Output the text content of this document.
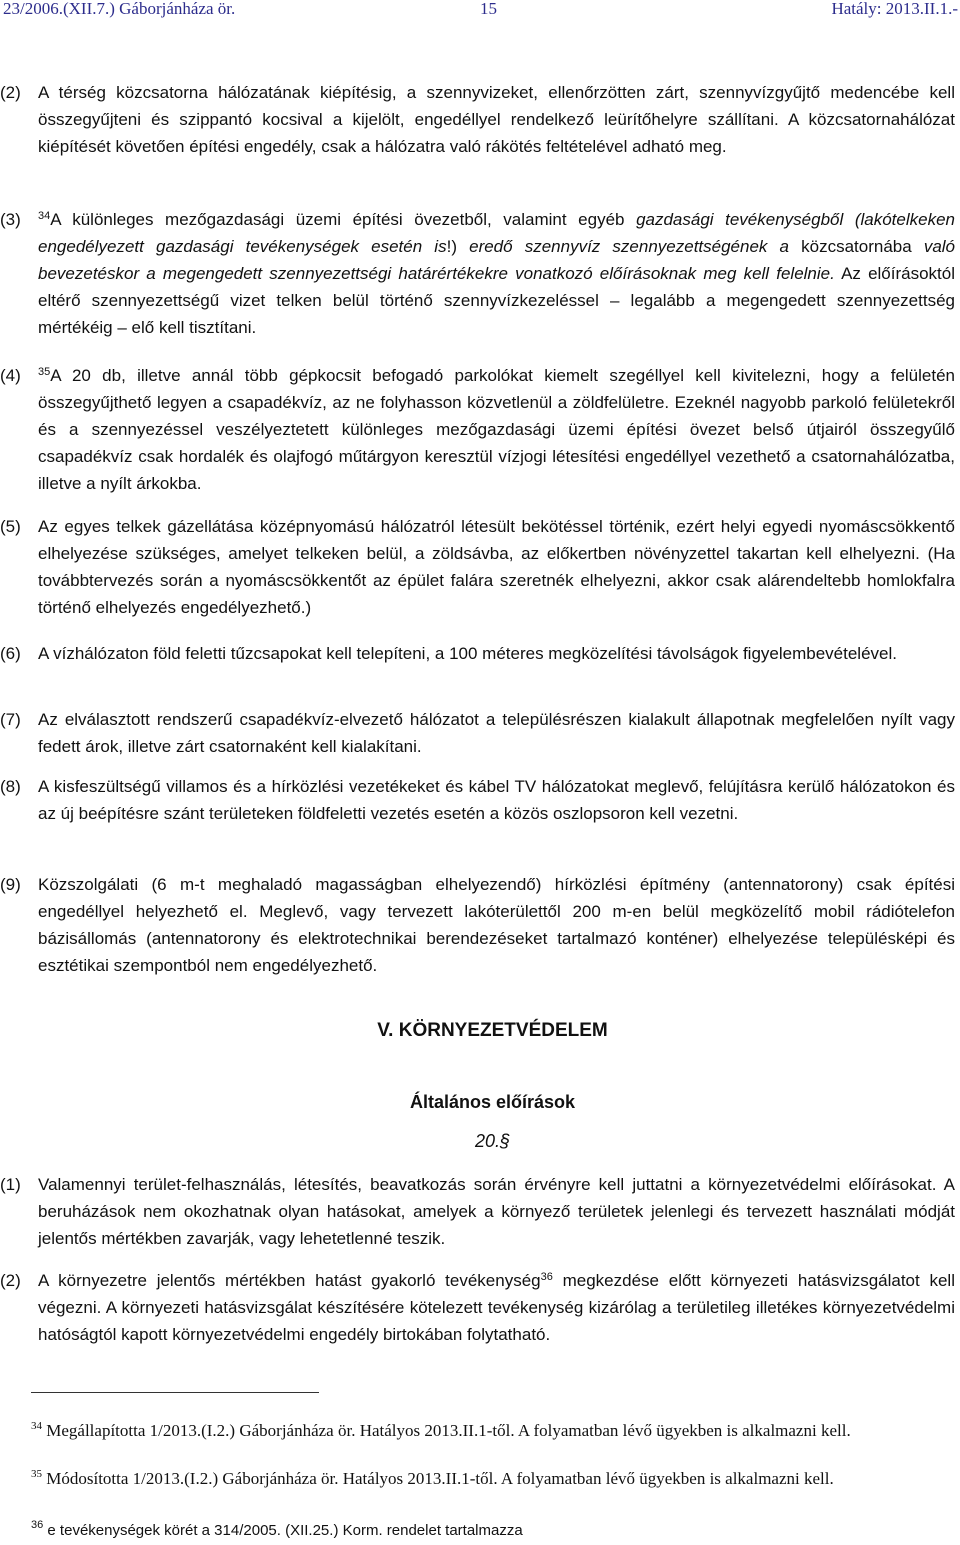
23/2006.(XII.7.) Gáborjánháza ör.	15	Hatály: 2013.II.1.-
(2)	A térség közcsatorna hálózatának kiépítésig, a szennyvizeket, ellenőrzötten zárt, szennyvízgyűjtő medencébe kell összegyűjteni és szippantó kocsival a kijelölt, engedéllyel rendelkező leürítőhelyre szállítani. A közcsatornahálózat kiépítését követően építési engedély, csak a hálózatra való rákötés feltételével adható meg.
(3)	$^{34}$A különleges mezőgazdasági üzemi építési övezetből, valamint egyéb gazdasági tevékenységből (lakótelkeken engedélyezett gazdasági tevékenységek esetén is!) eredő szennyvíz szennyezettségének a közcsatornába való bevezetéskor a megengedett szennyezettségi határértékekre vonatkozó előírásoknak meg kell felelnie. Az előírásoktól eltérő szennyezettségű vizet telken belül történő szennyvízkezeléssel – legalább a megengedett szennyezettség mértékéig – elő kell tisztítani.
(4)	$^{35}$A 20 db, illetve annál több gépkocsit befogadó parkolókat kiemelt szegéllyel kell kivitelezni, hogy a felületén összegyűjthető legyen a csapadékvíz, az ne folyhasson közvetlenül a zöldfelületre. Ezeknél nagyobb parkoló felületekről és a szennyezéssel veszélyeztetett különleges mezőgazdasági üzemi építési övezet belső útjairól összegyűlő csapadékvíz csak hordalék és olajfogó műtárgyon keresztül vízjogi létesítési engedéllyel vezethető a csatornahálózatba, illetve a nyílt árkokba.
(5)	Az egyes telkek gázellátása középnyomású hálózatról létesült bekötéssel történik, ezért helyi egyedi nyomáscsökkentő elhelyezése szükséges, amelyet telkeken belül, a zöldsávba, az előkertben növényzettel takartan kell elhelyezni. (Ha továbbtervezés során a nyomáscsökkentőt az épület falára szeretnék elhelyezni, akkor csak alárendeltebb homlokfalra történő elhelyezés engedélyezhető.)
(6)	A vízhálózaton föld feletti tűzcsapokat kell telepíteni, a 100 méteres megközelítési távolságok figyelembevételével.
(7)	Az elválasztott rendszerű csapadékvíz-elvezető hálózatot a településrészen kialakult állapotnak megfelelően nyílt vagy fedett árok, illetve zárt csatornaként kell kialakítani.
(8)	A kisfeszültségű villamos és a hírközlési vezetékeket és kábel TV hálózatokat meglevő, felújításra kerülő hálózatokon és az új beépítésre szánt területeken földfeletti vezetés esetén a közös oszlopsoron kell vezetni.
(9)	Közszolgálati (6 m-t meghaladó magasságban elhelyezendő) hírközlési építmény (antennatorony) csak építési engedéllyel helyezhető el. Meglevő, vagy tervezett lakóterülettől 200 m-en belül megközelítő mobil rádiótelefon bázisállomás (antennatorony és elektrotechnikai berendezéseket tartalmazó konténer) elhelyezése településképi és esztétikai szempontból nem engedélyezhető.
V. KÖRNYEZETVÉDELEM
Általános előírások
20.§
(1)	Valamennyi terület-felhasználás, létesítés, beavatkozás során érvényre kell juttatni a környezetvédelmi előírásokat. A beruházások nem okozhatnak olyan hatásokat, amelyek a környező területek jelenlegi és tervezett használati módját jelentős mértékben zavarják, vagy lehetetlenné teszik.
(2)	A környezetre jelentős mértékben hatást gyakorló tevékenység$^{36}$ megkezdése előtt környezeti hatásvizsgálatot kell végezni. A környezeti hatásvizsgálat készítésére kötelezett tevékenység kizárólag a területileg illetékes környezetvédelmi hatóságtól kapott környezetvédelmi engedély birtokában folytatható.
$^{34}$ Megállapította 1/2013.(I.2.) Gáborjánháza ör. Hatályos 2013.II.1-től. A folyamatban lévő ügyekben is alkalmazni kell.
$^{35}$ Módosította 1/2013.(I.2.) Gáborjánháza ör. Hatályos 2013.II.1-től. A folyamatban lévő ügyekben is alkalmazni kell.
$^{36}$ e tevékenységek körét a 314/2005. (XII.25.) Korm. rendelet tartalmazza
